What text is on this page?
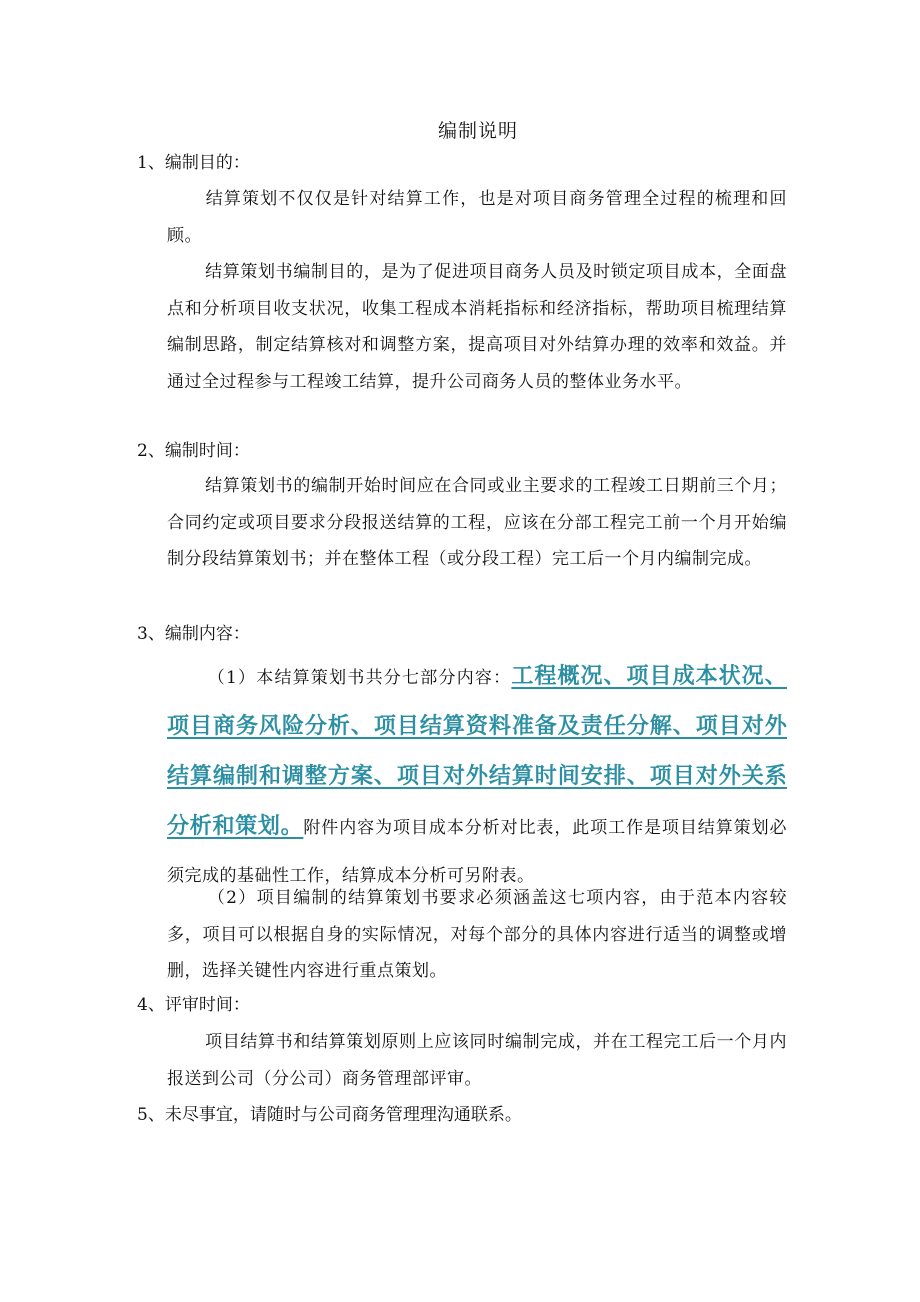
编制说明
1、编制目的：
结算策划不仅仅是针对结算工作，也是对项目商务管理全过程的梳理和回顾。
结算策划书编制目的，是为了促进项目商务人员及时锁定项目成本，全面盘点和分析项目收支状况，收集工程成本消耗指标和经济指标，帮助项目梳理结算编制思路，制定结算核对和调整方案，提高项目对外结算办理的效率和效益。并通过全过程参与工程竣工结算，提升公司商务人员的整体业务水平。
2、编制时间：
结算策划书的编制开始时间应在合同或业主要求的工程竣工日期前三个月；合同约定或项目要求分段报送结算的工程，应该在分部工程完工前一个月开始编制分段结算策划书；并在整体工程（或分段工程）完工后一个月内编制完成。
3、编制内容：
（1）本结算策划书共分七部分内容：工程概况、项目成本状况、项目商务风险分析、项目结算资料准备及责任分解、项目对外结算编制和调整方案、项目对外结算时间安排、项目对外关系分析和策划。附件内容为项目成本分析对比表，此项工作是项目结算策划必须完成的基础性工作，结算成本分析可另附表。
（2）项目编制的结算策划书要求必须涵盖这七项内容，由于范本内容较多，项目可以根据自身的实际情况，对每个部分的具体内容进行适当的调整或增删，选择关键性内容进行重点策划。
4、评审时间：
项目结算书和结算策划原则上应该同时编制完成，并在工程完工后一个月内报送到公司（分公司）商务管理部评审。
5、未尽事宜，请随时与公司商务管理理沟通联系。
